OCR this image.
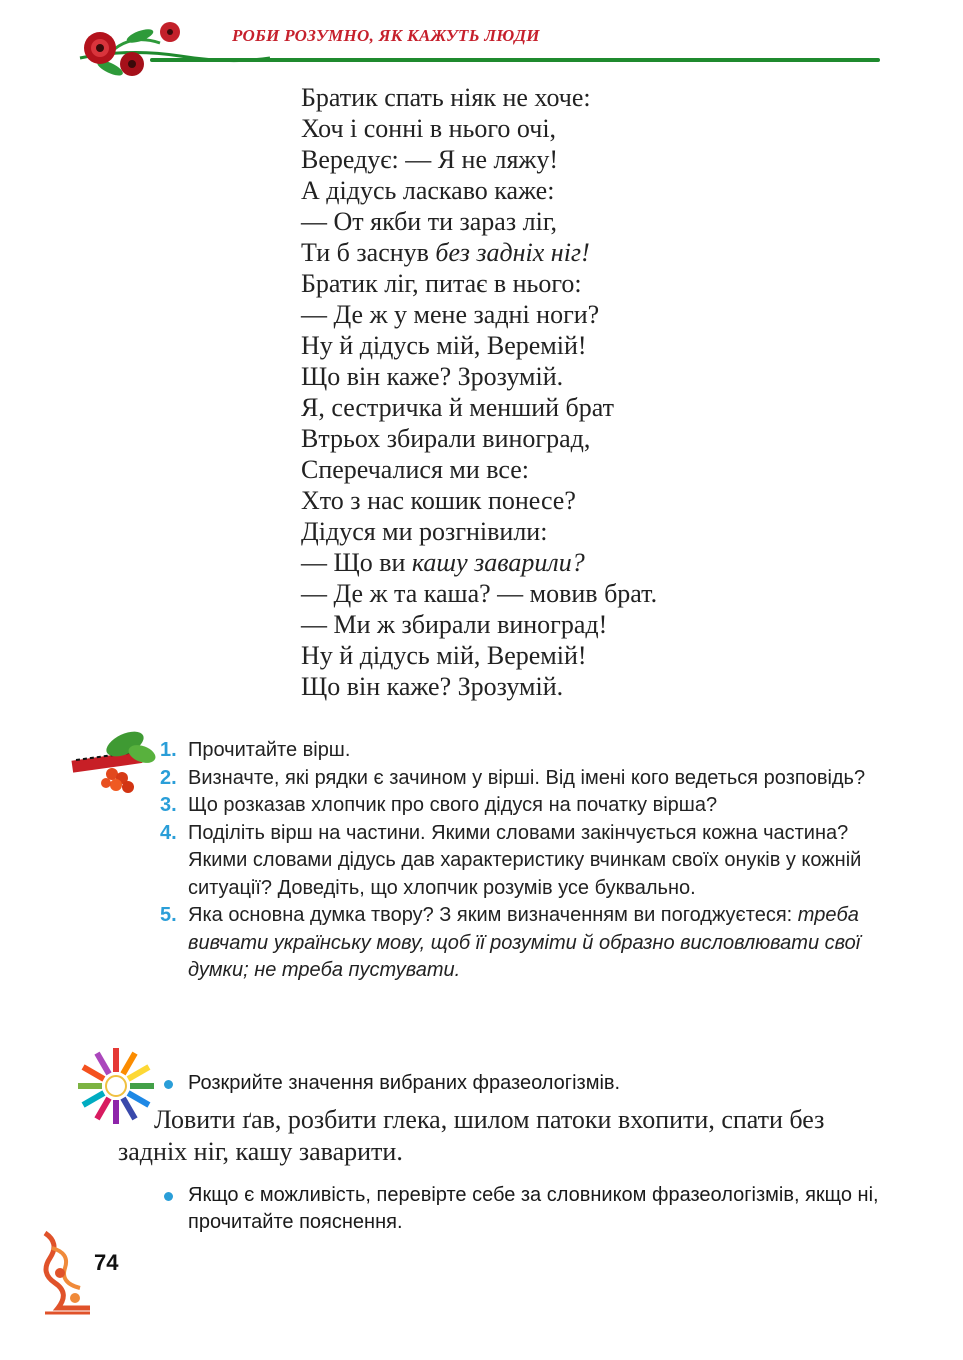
РОБИ РОЗУМНО, ЯК КАЖУТЬ ЛЮДИ
Братик спать ніяк не хоче:
Хоч і сонні в нього очі,
Вередує: — Я не ляжу!
А дідусь ласкаво каже:
— От якби ти зараз ліг,
Ти б заснув без задніх ніг!
Братик ліг, питає в нього:
— Де ж у мене задні ноги?
Ну й дідусь мій, Веремій!
Що він каже? Зрозумій.
Я, сестричка й менший брат
Втрьох збирали виноград,
Сперечалися ми все:
Хто з нас кошик понесе?
Дідуся ми розгнівили:
— Що ви кашу заварили?
— Де ж та каша? — мовив брат.
— Ми ж збирали виноград!
Ну й дідусь мій, Веремій!
Що він каже? Зрозумій.
1. Прочитайте вірш.
2. Визначте, які рядки є зачином у вірші. Від імені кого ведеться розповідь?
3. Що розказав хлопчик про свого дідуся на початку вірша?
4. Поділіть вірш на частини. Якими словами закінчується кожна частина? Якими словами дідусь дав характеристику вчинкам своїх онуків у кожній ситуації? Доведіть, що хлопчик розумів усе буквально.
5. Яка основна думка твору? З яким визначенням ви погоджуєтеся: треба вивчати українську мову, щоб її розуміти й образно висловлювати свої думки; не треба пустувати.
Розкрийте значення вибраних фразеологізмів.
Ловити ґав, розбити глека, шилом патоки вхопити, спати без задніх ніг, кашу заварити.
Якщо є можливість, перевірте себе за словником фразеологізмів, якщо ні, прочитайте пояснення.
74
